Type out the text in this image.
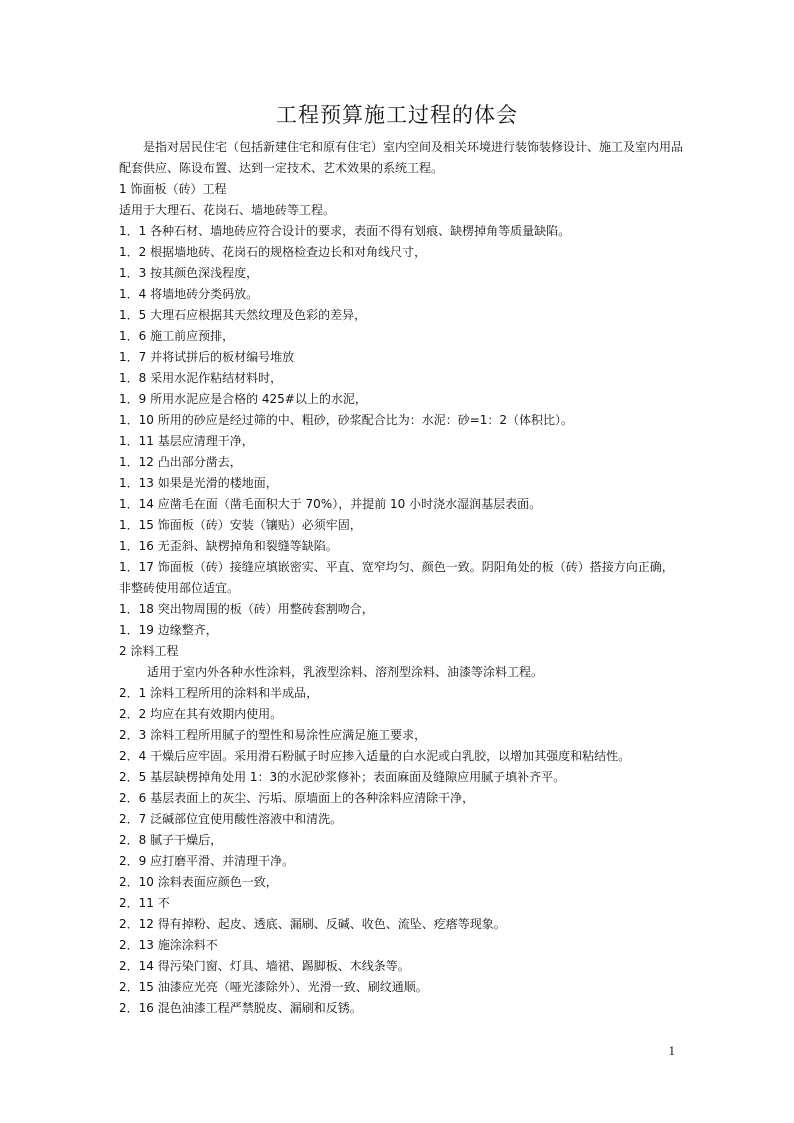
工程预算施工过程的体会

是指对居民住宅（包括新建住宅和原有住宅）室内空间及相关环境进行装饰装修设计、施工及室内用品配套供应、陈设布置、达到一定技术、艺术效果的系统工程。

1 饰面板（砖）工程

适用于大理石、花岗石、墙地砖等工程。

1．1 各种石材、墙地砖应符合设计的要求，表面不得有划痕、缺楞掉角等质量缺陷。

1．2 根据墙地砖、花岗石的规格检查边长和对角线尺寸，

1．3 按其颜色深浅程度，

1．4 将墙地砖分类码放。

1．5 大理石应根据其天然纹理及色彩的差异，

1．6 施工前应预排，

1．7 并将试拼后的板材编号堆放

1．8 采用水泥作粘结材料时，

1．9 所用水泥应是合格的 425#以上的水泥，

1．10 所用的砂应是经过筛的中、粗砂，砂浆配合比为：水泥：砂=1：2（体积比）。

1．11 基层应清理干净，

1．12 凸出部分凿去，

1．13 如果是光滑的楼地面，

1．14 应凿毛在面（凿毛面积大于 70%），并提前 10 小时浇水湿润基层表面。

1．15 饰面板（砖）安装（镶贴）必须牢固，

1．16 无歪斜、缺楞掉角和裂缝等缺陷。

1．17 饰面板（砖）接缝应填嵌密实、平直、宽窄均匀、颜色一致。阴阳角处的板（砖）搭接方向正确，非整砖使用部位适宜。

1．18 突出物周围的板（砖）用整砖套割吻合，

1．19 边缘整齐，

2 涂料工程

适用于室内外各种水性涂料，乳液型涂料、溶剂型涂料、油漆等涂料工程。

2．1 涂料工程所用的涂料和半成品，

2．2 均应在其有效期内使用。

2．3 涂料工程所用腻子的塑性和易涂性应满足施工要求，

2．4 干燥后应牢固。采用滑石粉腻子时应掺入适量的白水泥或白乳胶，以增加其强度和粘结性。

2．5 基层缺楞掉角处用 1：3的水泥砂浆修补；表面麻面及缝隙应用腻子填补齐平。

2．6 基层表面上的灰尘、污垢、原墙面上的各种涂料应清除干净，

2．7 泛碱部位宜使用酸性溶液中和清洗。

2．8 腻子干燥后，

2．9 应打磨平滑、并清理干净。

2．10 涂料表面应颜色一致，

2．11 不

2．12 得有掉粉、起皮、透底、漏刷、反碱、收色、流坠、疙瘩等现象。

2．13 施涂涂料不

2．14 得污染门窗、灯具、墙裙、踢脚板、木线条等。

2．15 油漆应光亮（哑光漆除外）、光滑一致、刷纹通顺。

2．16 混色油漆工程严禁脱皮、漏刷和反锈。

1
